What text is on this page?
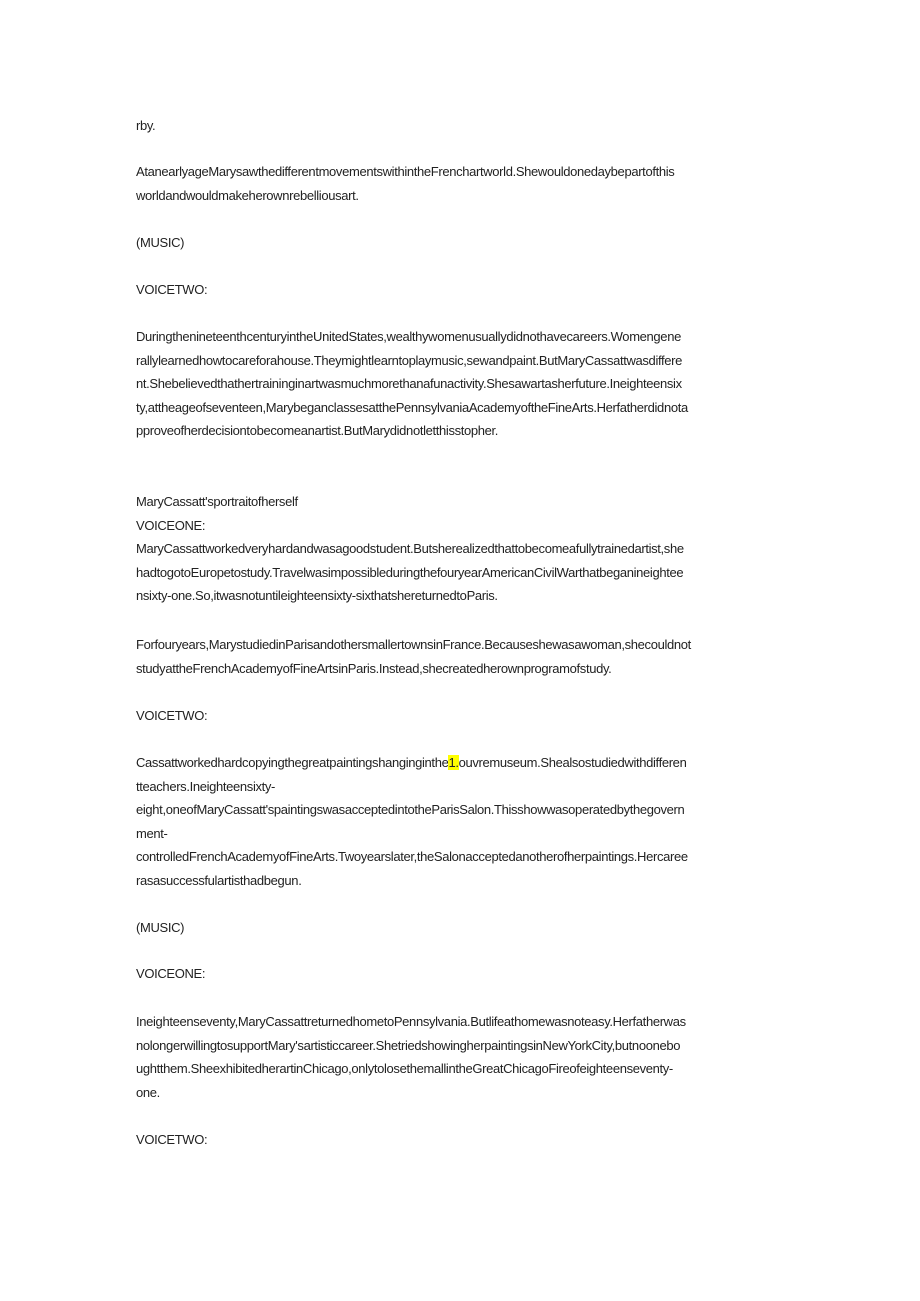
rby.
AtanearlyageMarysawthedifferentmovementswithintheFrenchartworld.Shewouldonedaybepartofthis
worldandwouldmakeherownrebelliousart.
(MUSIC)
VOICETWO:
DuringthenineteenthcenturyintheUnitedStates,wealthywomenusuallydidnothavecareers.Womengene
rallylearnedhowtocareforahouse.Theymightlearntoplaymusic,sewandpaint.ButMaryCassattwasdiffere
nt.Shebelievedthathertraininginartwasmuchmorethanafunactivity.Shesawartasherfuture.Ineighteensix
ty,attheageofseventeen,MarybeganclassesatthePennsylvaniaAcademyoftheFineArts.Herfatherdidnota
pproveofherdecisiontobecomeanartist.ButMarydidnotletthisstopher.
MaryCassatt'sportraitofherself
VOICEONE:
MaryCassattworkedveryhardandwasagoodstudent.Butsherealizedthattobecomeafullytrainedartist,she
hadtogotoEuropetostudy.TravelwasimpossibleduringthefouryearAmericanCivilWarthatbeganineightee
nsixty-one.So,itwasnotuntileighteensixty-sixthatshereturnedtoParis.
Forfouryears,MarystudiedinParisandothersmallertownsinFrance.Becauseshewasawoman,shecouldnot
studyattheFrenchAcademyofFineArtsinParis.Instead,shecreatedherownprogramofstudy.
VOICETWO:
Cassattworkedhardcopyingthegreatpaintingshanginginthe1.ouvremuseum.Shealsostudiedwithdifferen
tteachers.Ineighteensixty-
eight,oneofMaryCassatt'spaintingswasacceptedintotheParisSalon.Thisshowwasoperatedbythegovern
ment-
controlledFrenchAcademyofFineArts.Twoyearslater,theSalonacceptedanotherofherpaintings.Hercaree
rasasuccessfulartisthadbegun.
(MUSIC)
VOICEONE:
Ineighteenseventy,MaryCassattreturnedhometoPennsylvania.Butlifeathomewasnoteasy.Herfatherwas
nolongerwillingtosupportMary'sartisticcareer.ShetriedshowingherpaintingsinNewYorkCity,butnoonebo
ughtthem.SheexhibitedherartinChicago,onlytolosethemallintheGreatChicagoFireofeighteenseventy-
one.
VOICETWO:
